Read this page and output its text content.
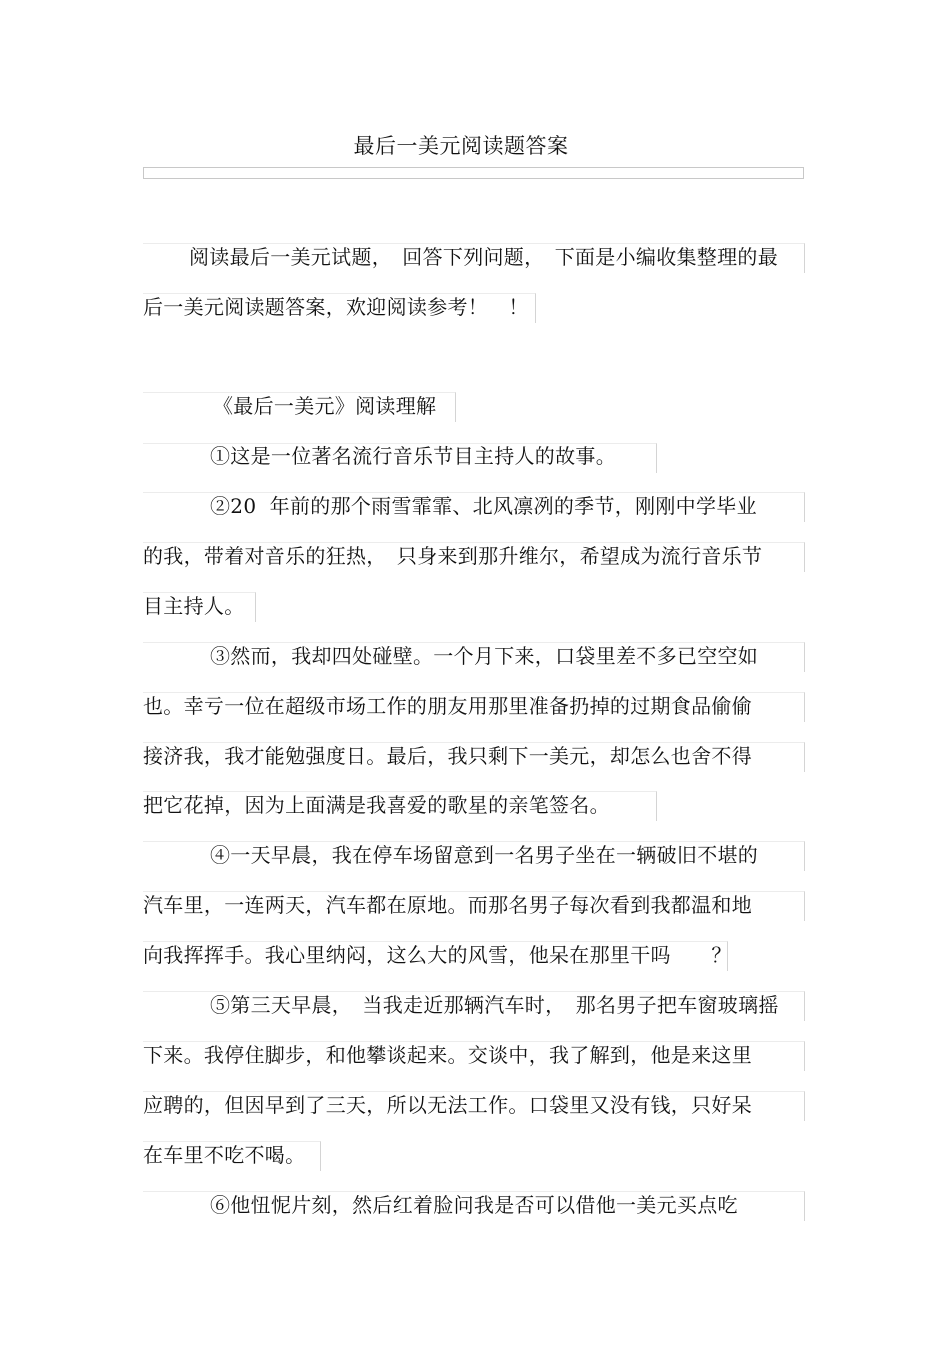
最后一美元阅读题答案
阅读最后一美元试题，　回答下列问题，　下面是小编收集整理的最
后一美元阅读题答案，欢迎阅读参考！　！
《最后一美元》阅读理解
①这是一位著名流行音乐节目主持人的故事。
②20  年前的那个雨雪霏霏、北风凛冽的季节，刚刚中学毕业
的我，带着对音乐的狂热，　只身来到那升维尔，希望成为流行音乐节
目主持人。
③然而，我却四处碰壁。一个月下来，口袋里差不多已空空如
也。幸亏一位在超级市场工作的朋友用那里准备扔掉的过期食品偷偷
接济我，我才能勉强度日。最后，我只剩下一美元，却怎么也舍不得
把它花掉，因为上面满是我喜爱的歌星的亲笔签名。
④一天早晨，我在停车场留意到一名男子坐在一辆破旧不堪的
汽车里，一连两天，汽车都在原地。而那名男子每次看到我都温和地
向我挥挥手。我心里纳闷，这么大的风雪，他呆在那里干吗　　？
⑤第三天早晨，　当我走近那辆汽车时，　那名男子把车窗玻璃摇
下来。我停住脚步，和他攀谈起来。交谈中，我了解到，他是来这里
应聘的，但因早到了三天，所以无法工作。口袋里又没有钱，只好呆
在车里不吃不喝。
⑥他忸怩片刻，然后红着脸问我是否可以借他一美元买点吃
